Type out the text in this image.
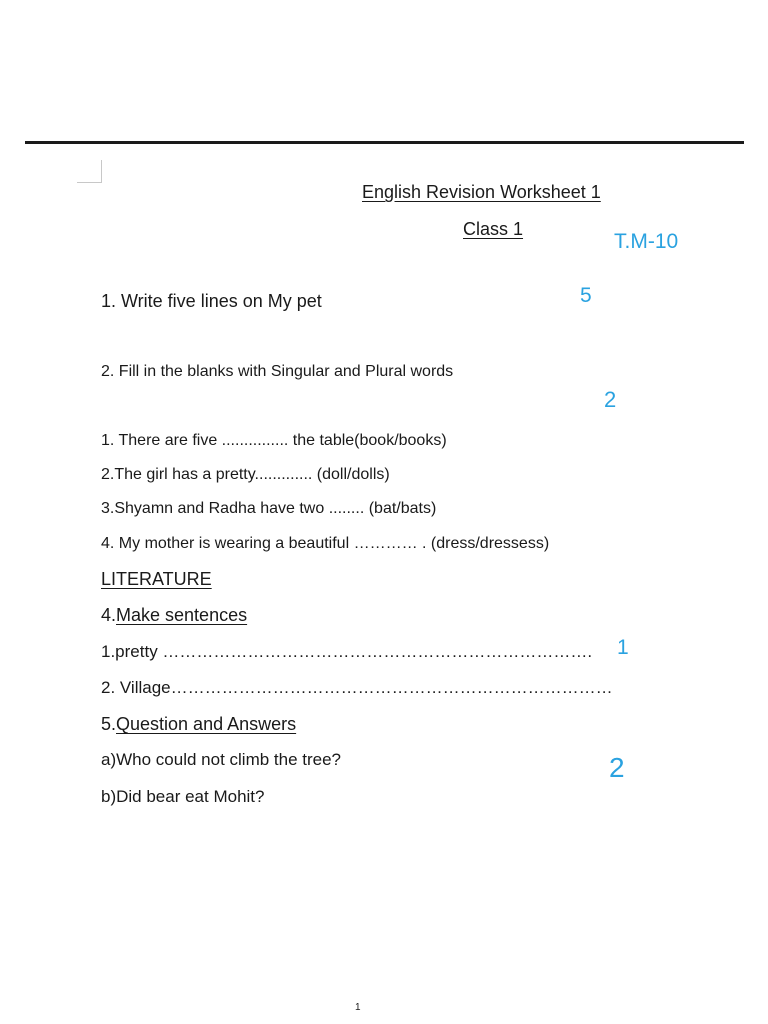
English Revision Worksheet 1
Class 1
T.M-10
1. Write five lines on My pet	5
2. Fill in the blanks with Singular and Plural words
2
1. There are five ............... the table(book/books)
2.The girl has a pretty............. (doll/dolls)
3.Shyamn and Radha have two ........ (bat/bats)
4. My mother is wearing a beautiful ………… . (dress/dressess)
LITERATURE
4.Make sentences
1
1.pretty ………………………………………………………………….
2. Village……………………………………………………………………
5.Question and Answers
2
a)Who could not climb the tree?
b)Did bear eat Mohit?
1
